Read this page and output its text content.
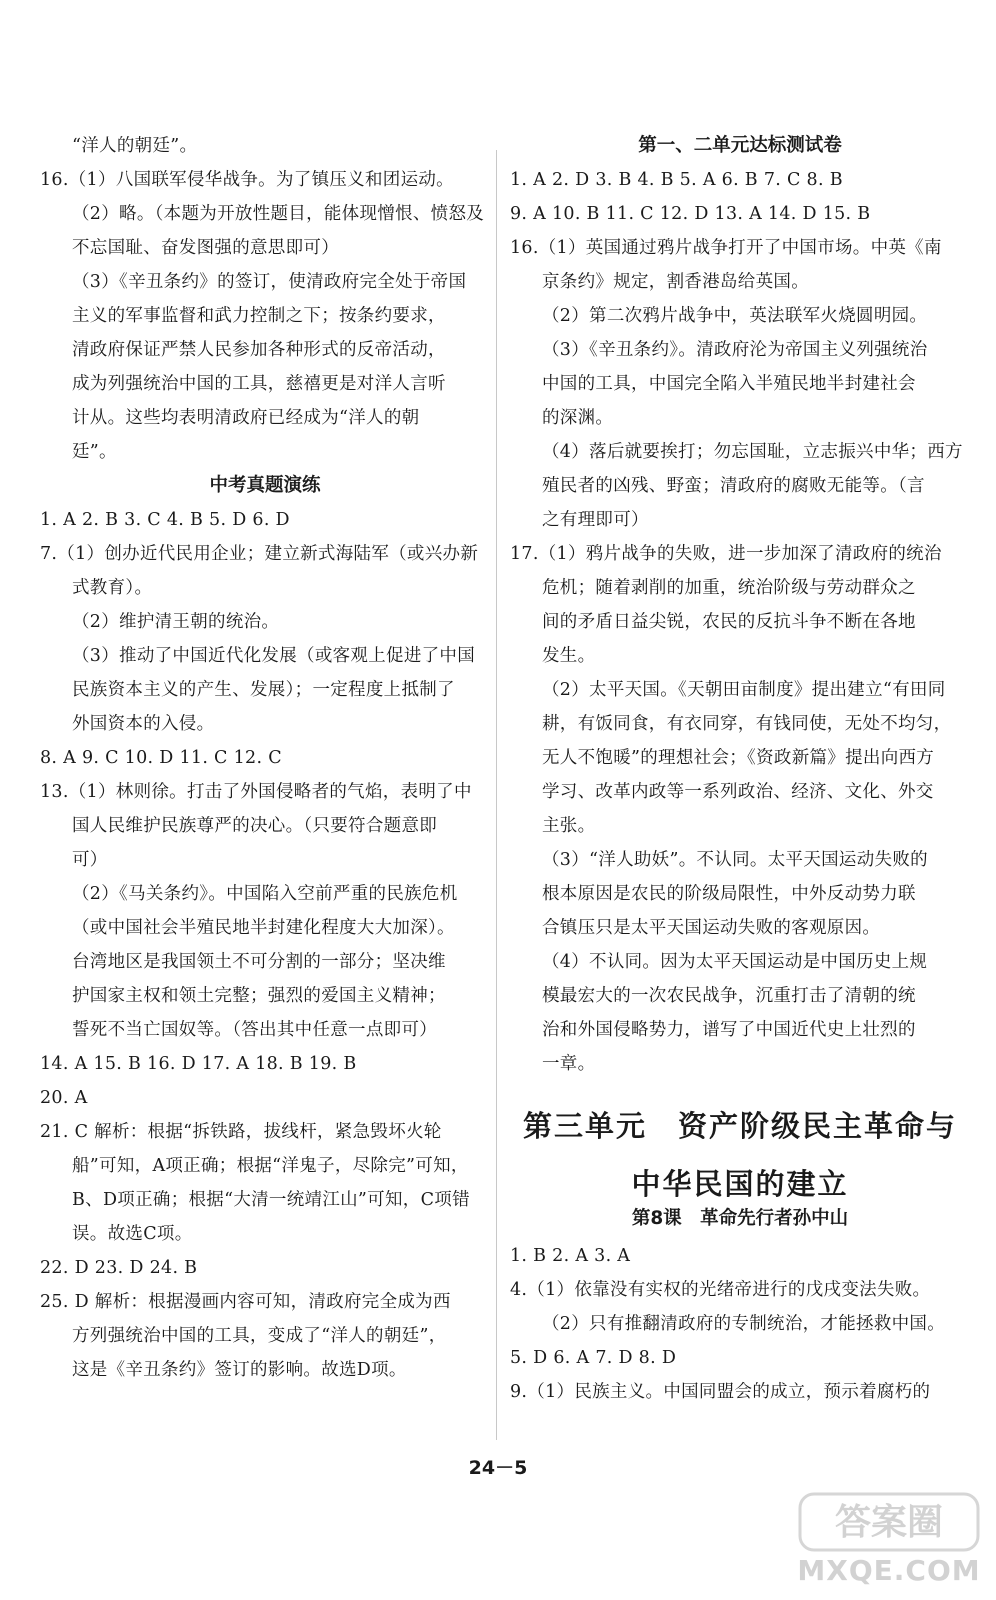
“洋人的朝廷”。
16.（1）八国联军侵华战争。为了镇压义和团运动。
（2）略。（本题为开放性题目，能体现憎恨、愤怒及
不忘国耻、奋发图强的意思即可）
（3）《辛丑条约》的签订，使清政府完全处于帝国
主义的军事监督和武力控制之下；按条约要求，
清政府保证严禁人民参加各种形式的反帝活动，
成为列强统治中国的工具，慈禧更是对洋人言听
计从。这些均表明清政府已经成为“洋人的朝
廷”。
中考真题演练
1. A 2. B 3. C 4. B 5. D 6. D
7.（1）创办近代民用企业；建立新式海陆军（或兴办新
式教育）。
（2）维护清王朝的统治。
（3）推动了中国近代化发展（或客观上促进了中国
民族资本主义的产生、发展）；一定程度上抵制了
外国资本的入侵。
8. A 9. C 10. D 11. C 12. C
13.（1）林则徐。打击了外国侵略者的气焰，表明了中
国人民维护民族尊严的决心。（只要符合题意即
可）
（2）《马关条约》。中国陷入空前严重的民族危机
（或中国社会半殖民地半封建化程度大大加深）。
台湾地区是我国领土不可分割的一部分；坚决维
护国家主权和领土完整；强烈的爱国主义精神；
誓死不当亡国奴等。（答出其中任意一点即可）
14. A 15. B 16. D 17. A 18. B 19. B
20. A
21. C 解析：根据“拆铁路，拔线杆，紧急毁坏火轮
船”可知，A项正确；根据“洋鬼子，尽除完”可知，
B、D项正确；根据“大清一统靖江山”可知，C项错
误。故选C项。
22. D 23. D 24. B
25. D 解析：根据漫画内容可知，清政府完全成为西
方列强统治中国的工具，变成了“洋人的朝廷”，
这是《辛丑条约》签订的影响。故选D项。
第一、二单元达标测试卷
1. A 2. D 3. B 4. B 5. A 6. B 7. C 8. B
9. A 10. B 11. C 12. D 13. A 14. D 15. B
16.（1）英国通过鸦片战争打开了中国市场。中英《南
京条约》规定，割香港岛给英国。
（2）第二次鸦片战争中，英法联军火烧圆明园。
（3）《辛丑条约》。清政府沦为帝国主义列强统治
中国的工具，中国完全陷入半殖民地半封建社会
的深渊。
（4）落后就要挨打；勿忘国耻，立志振兴中华；西方
殖民者的凶残、野蛮；清政府的腐败无能等。（言
之有理即可）
17.（1）鸦片战争的失败，进一步加深了清政府的统治
危机；随着剥削的加重，统治阶级与劳动群众之
间的矛盾日益尖锐，农民的反抗斗争不断在各地
发生。
（2）太平天国。《天朝田亩制度》提出建立“有田同
耕，有饭同食，有衣同穿，有钱同使，无处不均匀，
无人不饱暖”的理想社会；《资政新篇》提出向西方
学习、改革内政等一系列政治、经济、文化、外交
主张。
（3）“洋人助妖”。不认同。太平天国运动失败的
根本原因是农民的阶级局限性，中外反动势力联
合镇压只是太平天国运动失败的客观原因。
（4）不认同。因为太平天国运动是中国历史上规
模最宏大的一次农民战争，沉重打击了清朝的统
治和外国侵略势力，谱写了中国近代史上壮烈的
一章。
第三单元　资产阶级民主革命与
中华民国的建立
第8课　革命先行者孙中山
1. B 2. A 3. A
4.（1）依靠没有实权的光绪帝进行的戊戌变法失败。
（2）只有推翻清政府的专制统治，才能拯救中国。
5. D 6. A 7. D 8. D
9.（1）民族主义。中国同盟会的成立，预示着腐朽的
24－5
答案圈
MXQE.COM
